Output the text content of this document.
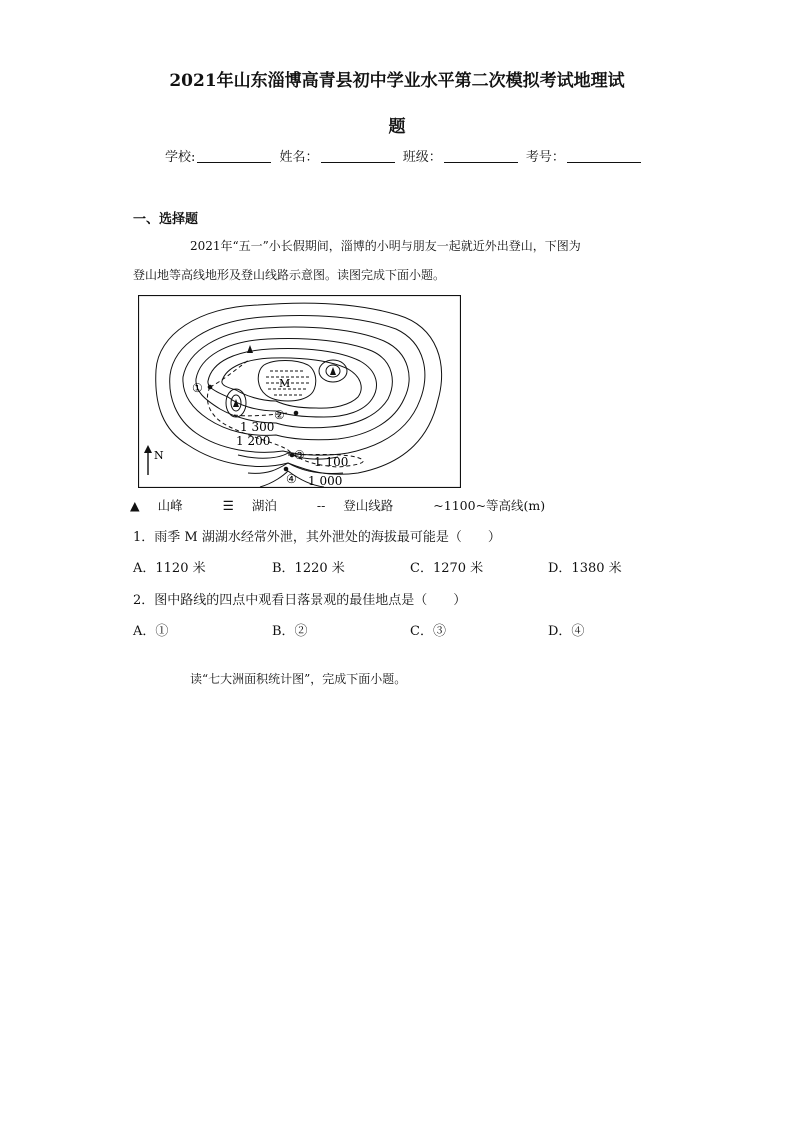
2021年山东淄博高青县初中学业水平第二次模拟考试地理试
题
学校:	姓名：	班级：	考号：
一、选择题
2021年“五一”小长假期间，淄博的小明与朋友一起就近外出登山，下图为
登山地等高线地形及登山线路示意图。读图完成下面小题。
M
①
②
③
④
1 300
1 200
1 100
1 000
N
▲ 山峰	☰ 湖泊	-- 登山线路	~1100~等高线(m)
1．雨季 M 湖湖水经常外泄，其外泄处的海拔最可能是（　　）
A．1120 米	B．1220 米	C．1270 米	D．1380 米
2．图中路线的四点中观看日落景观的最佳地点是（　　）
A．①	B．②	C．③	D．④
读“七大洲面积统计图”，完成下面小题。
